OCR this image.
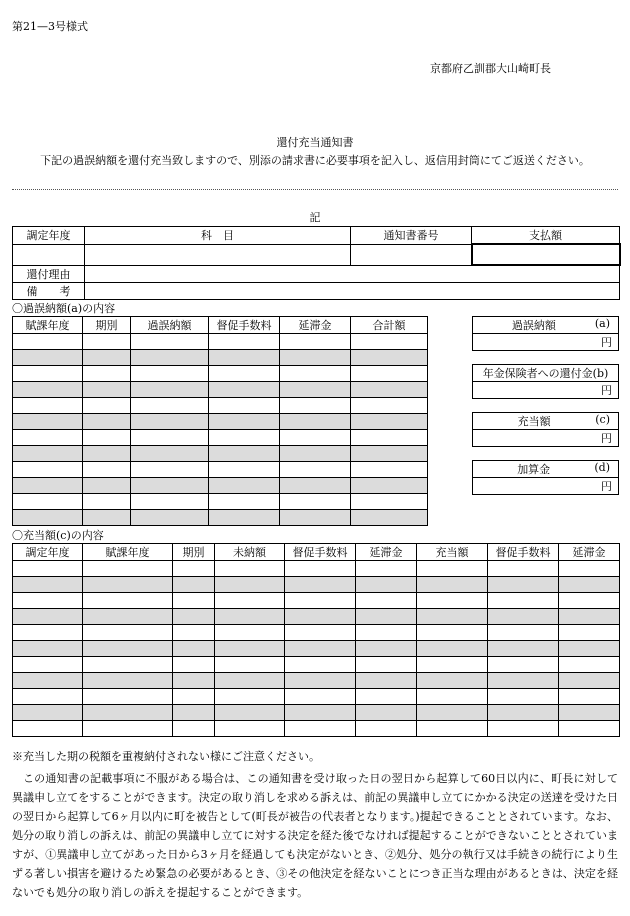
第21—3号様式
京都府乙訓郡大山崎町長
還付充当通知書
下記の過誤納額を還付充当致しますので、別添の請求書に必要事項を記入し、返信用封筒にてご返送ください。
記
調定年度	科　目	通知書番号	支払額

還付理由			
備　　考			
〇過誤納額(a)の内容
賦課年度	期別	過誤納額	督促手数料	延滞金	合計額

						過誤納額	(a)

円
年金保険者への還付金(b)
円
充当額	(c)

円
加算金	(d)

円
〇充当額(c)の内容
調定年度	賦課年度	期別	未納額	督促手数料	延滞金	充当額	督促手数料	延滞金

※充当した期の税額を重複納付されない様にご注意ください。
この通知書の記載事項に不服がある場合は、この通知書を受け取った日の翌日から起算して60日以内に、町長に対して異議申し立てをすることができます。決定の取り消しを求める訴えは、前記の異議申し立てにかかる決定の送達を受けた日の翌日から起算して6ヶ月以内に町を被告として(町長が被告の代表者となります。)提起できることとされています。なお、処分の取り消しの訴えは、前記の異議申し立てに対する決定を経た後でなければ提起することができないこととされていますが、①異議申し立てがあった日から3ヶ月を経過しても決定がないとき、②処分、処分の執行又は手続きの続行により生ずる著しい損害を避けるため緊急の必要があるとき、③その他決定を経ないことにつき正当な理由があるときは、決定を経ないでも処分の取り消しの訴えを提起することができます。
